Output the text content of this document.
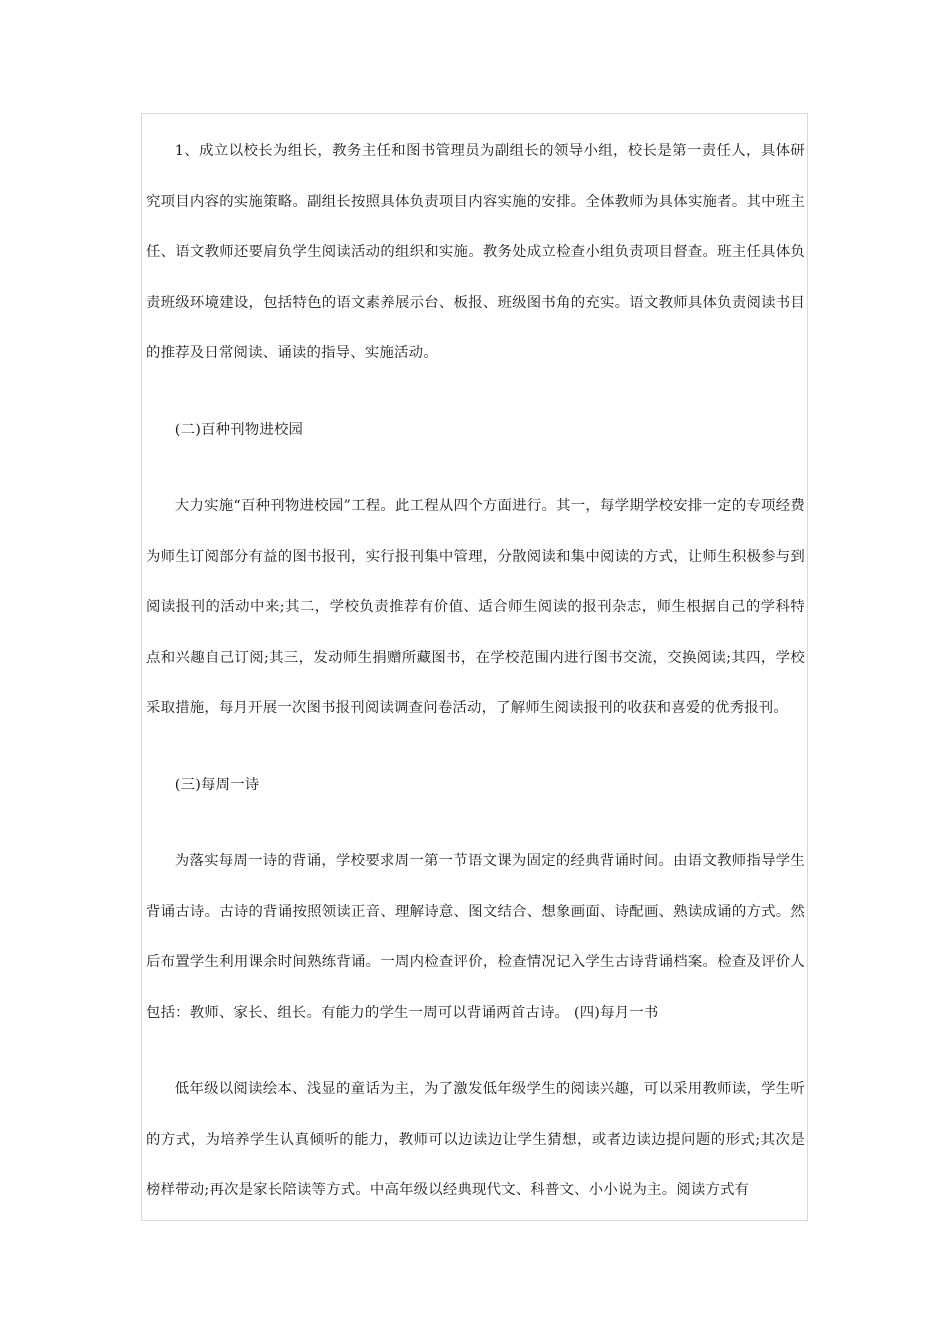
1、成立以校长为组长，教务主任和图书管理员为副组长的领导小组，校长是第一责任人，具体研究项目内容的实施策略。副组长按照具体负责项目内容实施的安排。全体教师为具体实施者。其中班主任、语文教师还要肩负学生阅读活动的组织和实施。教务处成立检查小组负责项目督查。班主任具体负责班级环境建设，包括特色的语文素养展示台、板报、班级图书角的充实。语文教师具体负责阅读书目的推荐及日常阅读、诵读的指导、实施活动。

(二)百种刊物进校园

大力实施“百种刊物进校园”工程。此工程从四个方面进行。其一，每学期学校安排一定的专项经费为师生订阅部分有益的图书报刊，实行报刊集中管理，分散阅读和集中阅读的方式，让师生积极参与到阅读报刊的活动中来;其二，学校负责推荐有价值、适合师生阅读的报刊杂志，师生根据自己的学科特点和兴趣自己订阅;其三，发动师生捐赠所藏图书，在学校范围内进行图书交流，交换阅读;其四，学校采取措施，每月开展一次图书报刊阅读调查问卷活动，了解师生阅读报刊的收获和喜爱的优秀报刊。

(三)每周一诗

为落实每周一诗的背诵，学校要求周一第一节语文课为固定的经典背诵时间。由语文教师指导学生背诵古诗。古诗的背诵按照领读正音、理解诗意、图文结合、想象画面、诗配画、熟读成诵的方式。然后布置学生利用课余时间熟练背诵。一周内检查评价，检查情况记入学生古诗背诵档案。检查及评价人包括：教师、家长、组长。有能力的学生一周可以背诵两首古诗。 (四)每月一书

低年级以阅读绘本、浅显的童话为主，为了激发低年级学生的阅读兴趣，可以采用教师读，学生听的方式，为培养学生认真倾听的能力，教师可以边读边让学生猜想，或者边读边提问题的形式;其次是榜样带动;再次是家长陪读等方式。中高年级以经典现代文、科普文、小小说为主。阅读方式有
